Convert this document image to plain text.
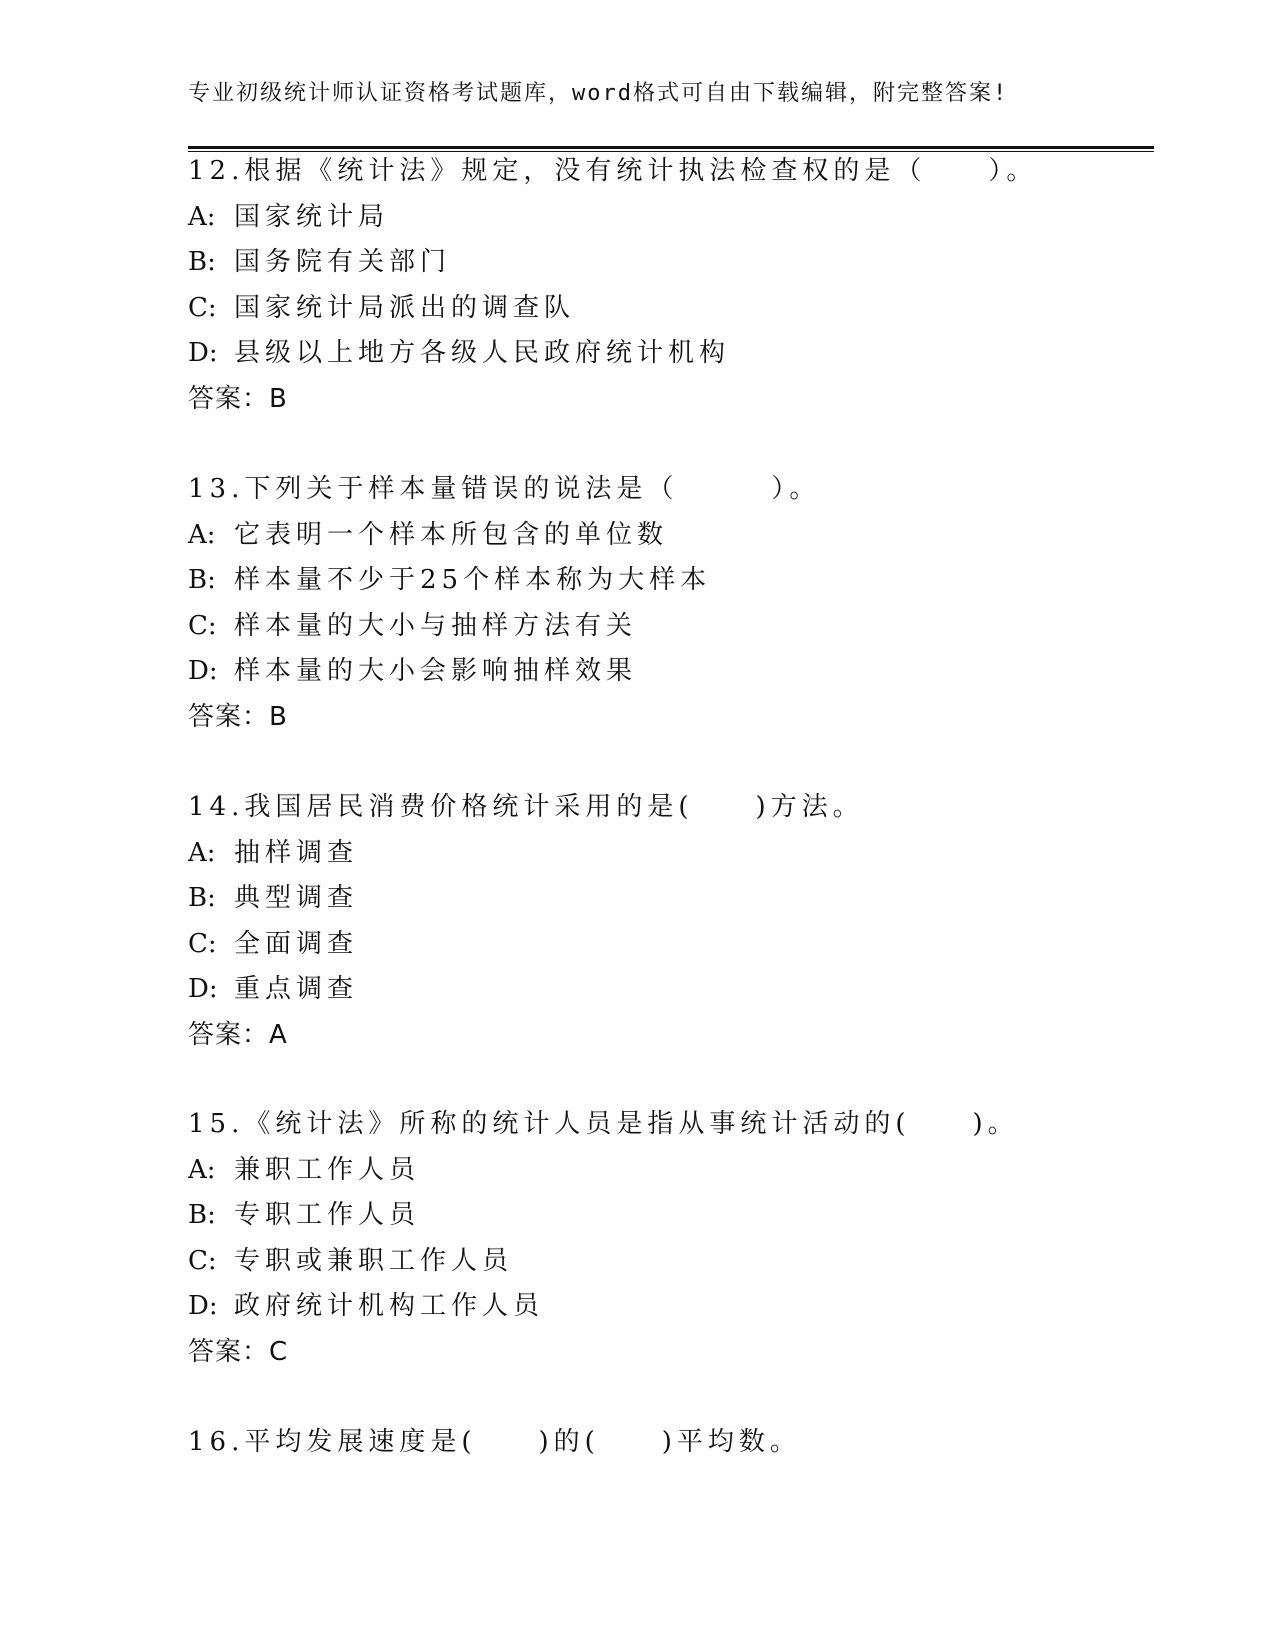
专业初级统计师认证资格考试题库，word格式可自由下载编辑，附完整答案!
12.根据《统计法》规定，没有统计执法检查权的是（　　）。
A: 国家统计局
B: 国务院有关部门
C: 国家统计局派出的调查队
D: 县级以上地方各级人民政府统计机构
答案：B
13.下列关于样本量错误的说法是（　　　）。
A: 它表明一个样本所包含的单位数
B: 样本量不少于25个样本称为大样本
C: 样本量的大小与抽样方法有关
D: 样本量的大小会影响抽样效果
答案：B
14.我国居民消费价格统计采用的是(　　)方法。
A: 抽样调查
B: 典型调查
C: 全面调查
D: 重点调查
答案：A
15.《统计法》所称的统计人员是指从事统计活动的(　　)。
A: 兼职工作人员
B: 专职工作人员
C: 专职或兼职工作人员
D: 政府统计机构工作人员
答案：C
16.平均发展速度是(　　)的(　　)平均数。
